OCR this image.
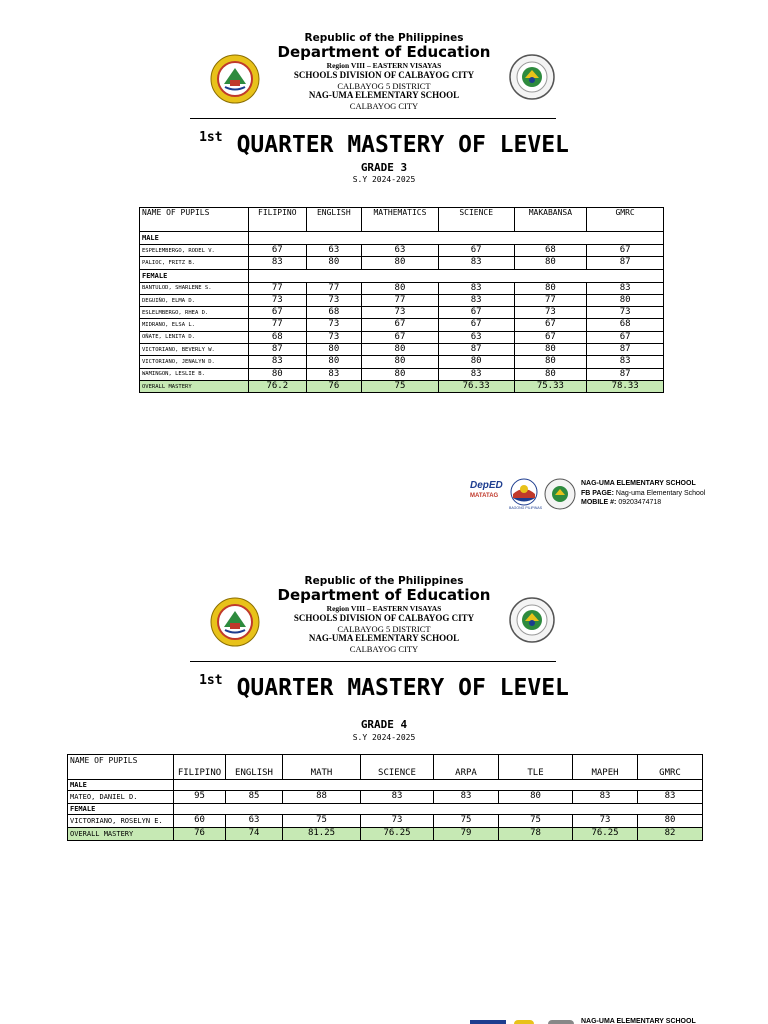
Republic of the Philippines
Department of Education
Region VIII – EASTERN VISAYAS
SCHOOLS DIVISION OF CALBAYOG CITY
CALBAYOG 5 DISTRICT
NAG-UMA ELEMENTARY SCHOOL
CALBAYOG CITY
$^{1st}$ QUARTER MASTERY OF LEVEL
GRADE 3
S.Y 2024-2025
NAME OF PUPILS	FILIPINO	ENGLISH	MATHEMATICS	SCIENCE	MAKABANSA	GMRC
MALE						
ESPELEMBERGO, RODEL V.	67	63	63	67	68	67
PALIOC, FRITZ B.	83	80	80	83	80	87
FEMALE						
BANTULOD, SHARLENE S.	77	77	80	83	80	83
DEGUIÑO, ELMA D.	73	73	77	83	77	80
ESLELMBERGO, RHEA D.	67	68	73	67	73	73
MIDRANO, ELSA L.	77	73	67	67	67	68
OÑATE, LENITA D.	68	73	67	63	67	67
VICTORIANO, BEVERLY W.	87	80	80	87	80	87
VICTORIANO, JENALYN D.	83	80	80	80	80	83
WAMINGON, LESLIE B.	80	83	80	83	80	87
OVERALL MASTERY	76.2	76	75	76.33	75.33	78.33
DepED
MATATAG
BAGONG PILIPINAS
NAG-UMA ELEMENTARY SCHOOL
FB PAGE: Nag-uma Elementary School
MOBILE #: 09203474718
Republic of the Philippines
Department of Education
Region VIII – EASTERN VISAYAS
SCHOOLS DIVISION OF CALBAYOG CITY
CALBAYOG 5 DISTRICT
NAG-UMA ELEMENTARY SCHOOL
CALBAYOG CITY
$^{1st}$ QUARTER MASTERY OF LEVEL
GRADE 4
S.Y 2024-2025
NAME OF PUPILS	FILIPINO	ENGLISH	MATH	SCIENCE	ARPA	TLE	MAPEH	GMRC
MALE								
MATEO, DANIEL D.	95	85	88	83	83	80	83	83
FEMALE								
VICTORIANO, ROSELYN E.	60	63	75	73	75	75	73	80
OVERALL MASTERY	76	74	81.25	76.25	79	78	76.25	82
NAG-UMA ELEMENTARY SCHOOL
